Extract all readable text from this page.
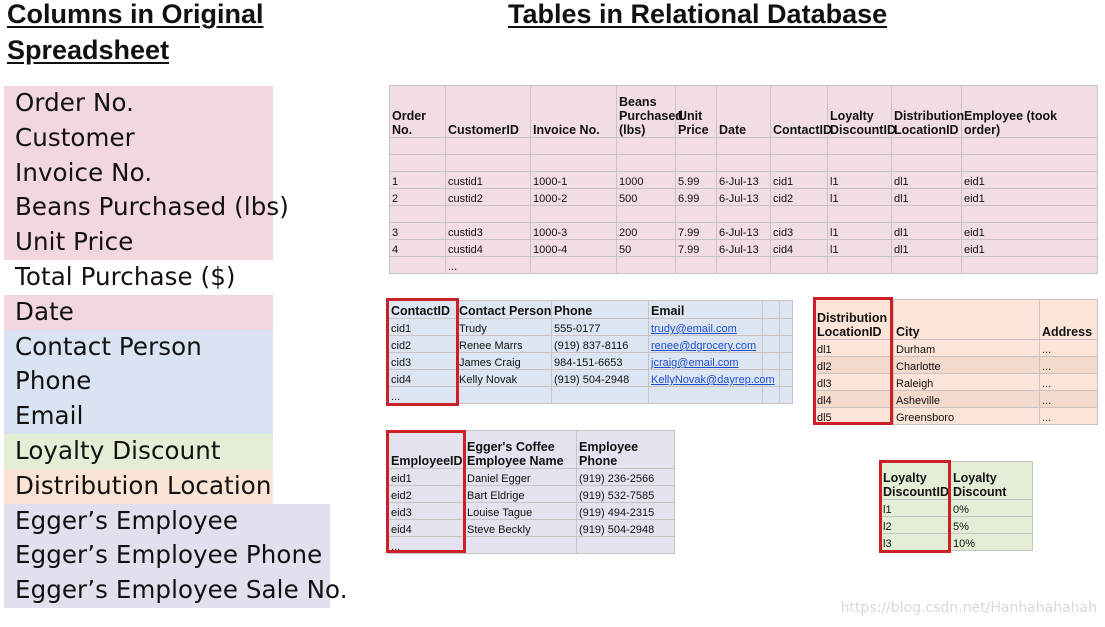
Columns in Original
Spreadsheet
Tables in Relational Database
Order No.
Customer
Invoice No.
Beans Purchased (lbs)
Unit Price
Total Purchase ($)
Date
Contact Person
Phone
Email
Loyalty Discount
Distribution Location
Egger’s Employee
Egger’s Employee Phone
Egger’s Employee Sale No.
Order No.	CustomerID	Invoice No.	Beans Purchased (lbs)	Unit Price	Date	ContactID	Loyalty DiscountID	Distribution LocationID	Employee (took order)

1	custid1	1000-1	1000	5.99	6-Jul-13	cid1	l1	dl1	eid1
2	custid2	1000-2	500	6.99	6-Jul-13	cid2	l1	dl1	eid1

3	custid3	1000-3	200	7.99	6-Jul-13	cid3	l1	dl1	eid1
4	custid4	1000-4	50	7.99	6-Jul-13	cid4	l1	dl1	eid1
	...								
ContactID	Contact Person	Phone	Email		
cid1	Trudy	555-0177	trudy@email.com		
cid2	Renee Marrs	(919) 837-8116	renee@dgrocery.com		
cid3	James Craig	984-151-6653	jcraig@email.com		
cid4	Kelly Novak	(919) 504-2948	KellyNovak@dayrep.com		
...					
Distribution LocationID	City	Address
dl1	Durham	...
dl2	Charlotte	...
dl3	Raleigh	...
dl4	Asheville	...
dl5	Greensboro	...
EmployeeID	Egger's Coffee Employee Name	Employee Phone
eid1	Daniel Egger	(919) 236-2566
eid2	Bart Eldrige	(919) 532-7585
eid3	Louise Tague	(919) 494-2315
eid4	Steve Beckly	(919) 504-2948
...		
Loyalty DiscountID	Loyalty Discount
l1	0%
l2	5%
l3	10%
https://blog.csdn.net/Hanhahahahah
